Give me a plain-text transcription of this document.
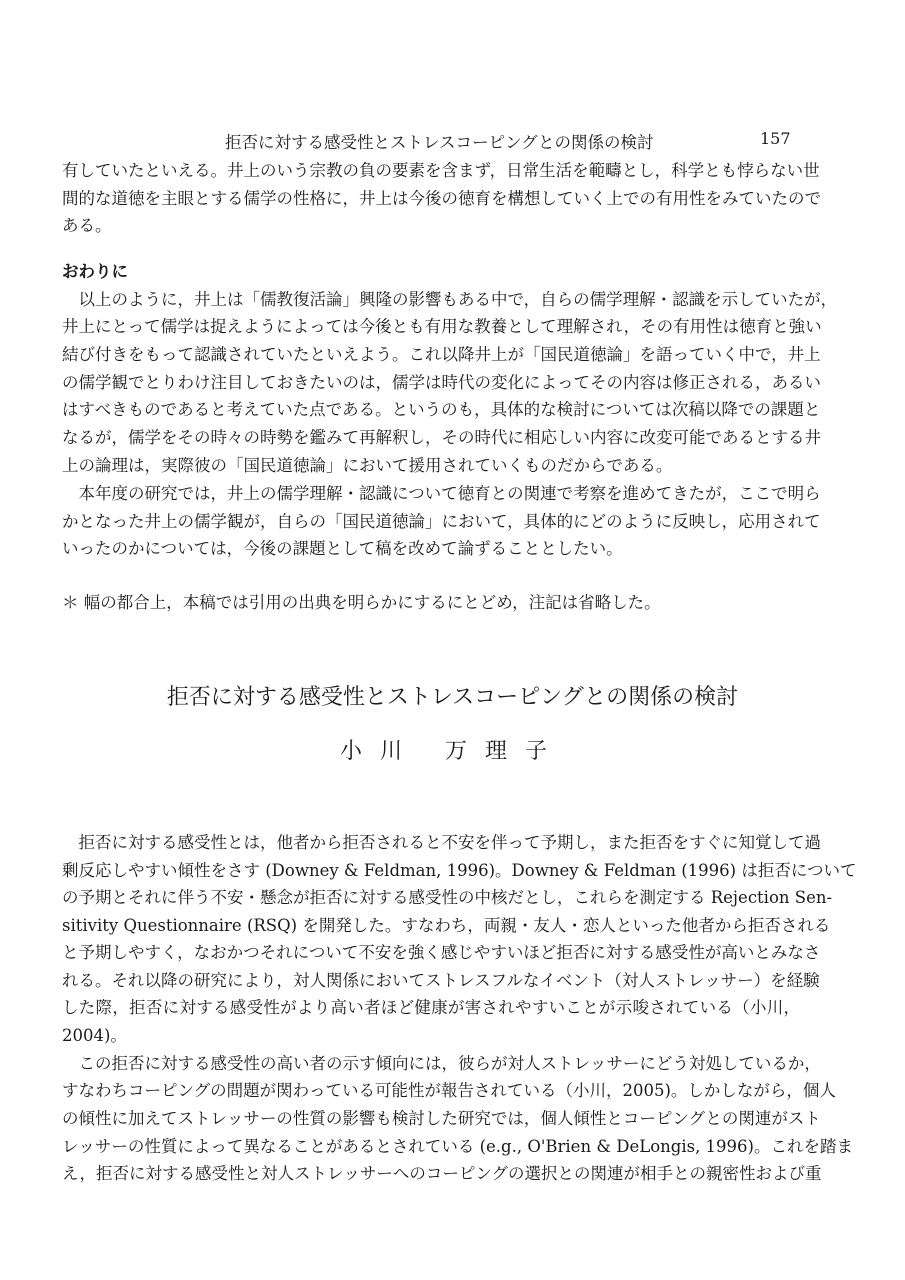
拒否に対する感受性とストレスコーピングとの関係の検討	157
有していたといえる。井上のいう宗教の負の要素を含まず，日常生活を範疇とし，科学とも悖らない世
間的な道徳を主眼とする儒学の性格に，井上は今後の徳育を構想していく上での有用性をみていたので
ある。
おわりに
　以上のように，井上は「儒教復活論」興隆の影響もある中で，自らの儒学理解・認識を示していたが，
井上にとって儒学は捉えようによっては今後とも有用な教養として理解され，その有用性は徳育と強い
結び付きをもって認識されていたといえよう。これ以降井上が「国民道徳論」を語っていく中で，井上
の儒学観でとりわけ注目しておきたいのは，儒学は時代の変化によってその内容は修正される，あるい
はすべきものであると考えていた点である。というのも，具体的な検討については次稿以降での課題と
なるが，儒学をその時々の時勢を鑑みて再解釈し，その時代に相応しい内容に改変可能であるとする井
上の論理は，実際彼の「国民道徳論」において援用されていくものだからである。
　本年度の研究では，井上の儒学理解・認識について徳育との関連で考察を進めてきたが，ここで明ら
かとなった井上の儒学観が，自らの「国民道徳論」において，具体的にどのように反映し，応用されて
いったのかについては，今後の課題として稿を改めて論ずることとしたい。
＊ 幅の都合上，本稿では引用の出典を明らかにするにとどめ，注記は省略した。
拒否に対する感受性とストレスコーピングとの関係の検討
小川 万理子
　拒否に対する感受性とは，他者から拒否されると不安を伴って予期し，また拒否をすぐに知覚して過
剰反応しやすい傾性をさす (Downey & Feldman, 1996)。Downey & Feldman (1996) は拒否について
の予期とそれに伴う不安・懸念が拒否に対する感受性の中核だとし，これらを測定する Rejection Sen-
sitivity Questionnaire (RSQ) を開発した。すなわち，両親・友人・恋人といった他者から拒否される
と予期しやすく，なおかつそれについて不安を強く感じやすいほど拒否に対する感受性が高いとみなさ
れる。それ以降の研究により，対人関係においてストレスフルなイベント（対人ストレッサー）を経験
した際，拒否に対する感受性がより高い者ほど健康が害されやすいことが示唆されている（小川，
2004)。
　この拒否に対する感受性の高い者の示す傾向には，彼らが対人ストレッサーにどう対処しているか，
すなわちコーピングの問題が関わっている可能性が報告されている（小川，2005)。しかしながら，個人
の傾性に加えてストレッサーの性質の影響も検討した研究では，個人傾性とコーピングとの関連がスト
レッサーの性質によって異なることがあるとされている (e.g., O'Brien & DeLongis, 1996)。これを踏ま
え，拒否に対する感受性と対人ストレッサーへのコーピングの選択との関連が相手との親密性および重
